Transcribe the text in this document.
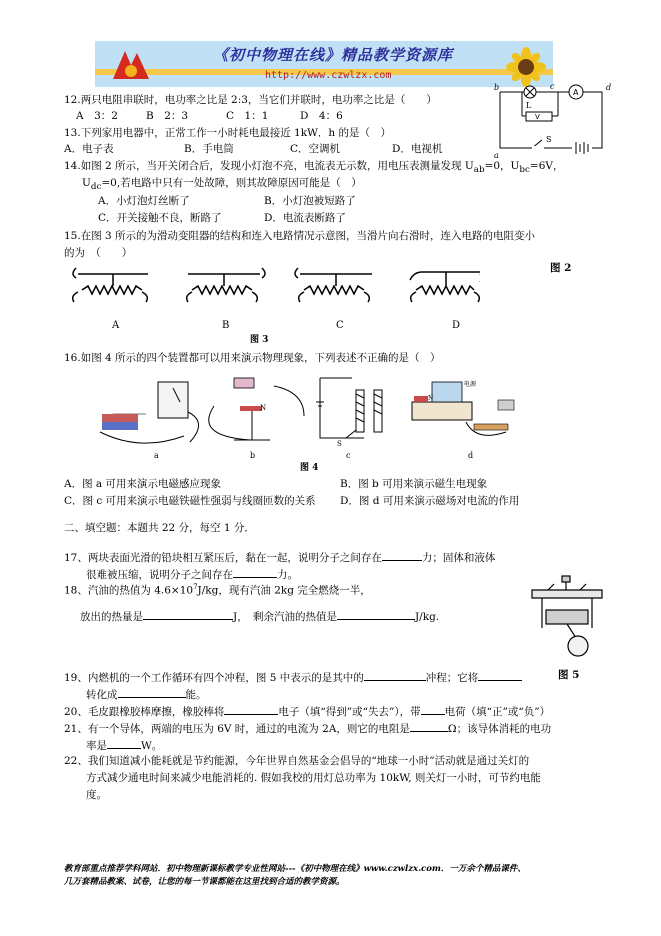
《初中物理在线》精品教学资源库
http://www.czwlzx.com
12.两只电阻串联时，电功率之比是 2:3，当它们并联时，电功率之比是（　　）
A　3：2	B　2：3	C　1：1	D　4：6
b	c	d
a
A
V
L
S
13.下列家用电器中，正常工作一小时耗电最接近 1kW．h 的是（　）
A．电子表	B．手电筒	C．空调机	D．电视机
14.如图 2 所示，当开关闭合后，发现小灯泡不亮，电流表无示数，用电压表测量发现 $U_{ab}=0$，$U_{bc}=6V$，
$U_{dc}=0$,若电路中只有一处故障，则其故障原因可能是（　）
A．小灯泡灯丝断了	B．小灯泡被短路了
C．开关接触不良，断路了	D．电流表断路了
15.在图 3 所示的为滑动变阻器的结构和连入电路情况示意图，当滑片向右滑时，连入电路的电阻变小
的为　（　　）
图 2
A	B	C	D
图 3
16.如图 4 所示的四个装置都可以用来演示物理现象，下列表述不正确的是（　）
a
N
b
S
c
电源
N
d
图 4
A．图 a 可用来演示电磁感应现象	B．图 b 可用来演示磁生电现象
C．图 c 可用来演示电磁铁磁性强弱与线圈匝数的关系 D．图 d 可用来演示磁场对电流的作用
二、填空题：本题共 22 分，每空 1 分．
17、两块表面光滑的铅块相互紧压后，黏在一起，说明分子之间存在	力；固体和液体
很难被压缩，说明分子之间存在	力。
18、汽油的热值为 $4.6\times 10^7J/kg$，现有汽油 2kg 完全燃烧一半，
放出的热量是	J，　剩余汽油的热值是	J/kg.
19、内燃机的一个工作循环有四个冲程，图 5 中表示的是其中的	冲程；它将	图 5
转化成	能。
20、毛皮跟橡胶棒摩擦，橡胶棒将	电子（填“得到”或“失去”），带 电荷（填“正”或“负”）
21、有一个导体，两端的电压为 6V 时，通过的电流为 2A，则它的电阻是	Ω；该导体消耗的电功
率是	W。
22、我们知道减小能耗就是节约能源，今年世界自然基金会倡导的“地球一小时”活动就是通过关灯的
方式减少通电时间来减少电能消耗的. 假如我校的用灯总功率为 10kW, 则关灯一小时，可节约电能
度。
教育部重点推荐学科网站．初中物理新课标教学专业性网站---《初中物理在线》www.czwlzx.com．一万余个精品课件、
几万套精品教案、试卷，让您的每一节课都能在这里找到合适的教学资源。
